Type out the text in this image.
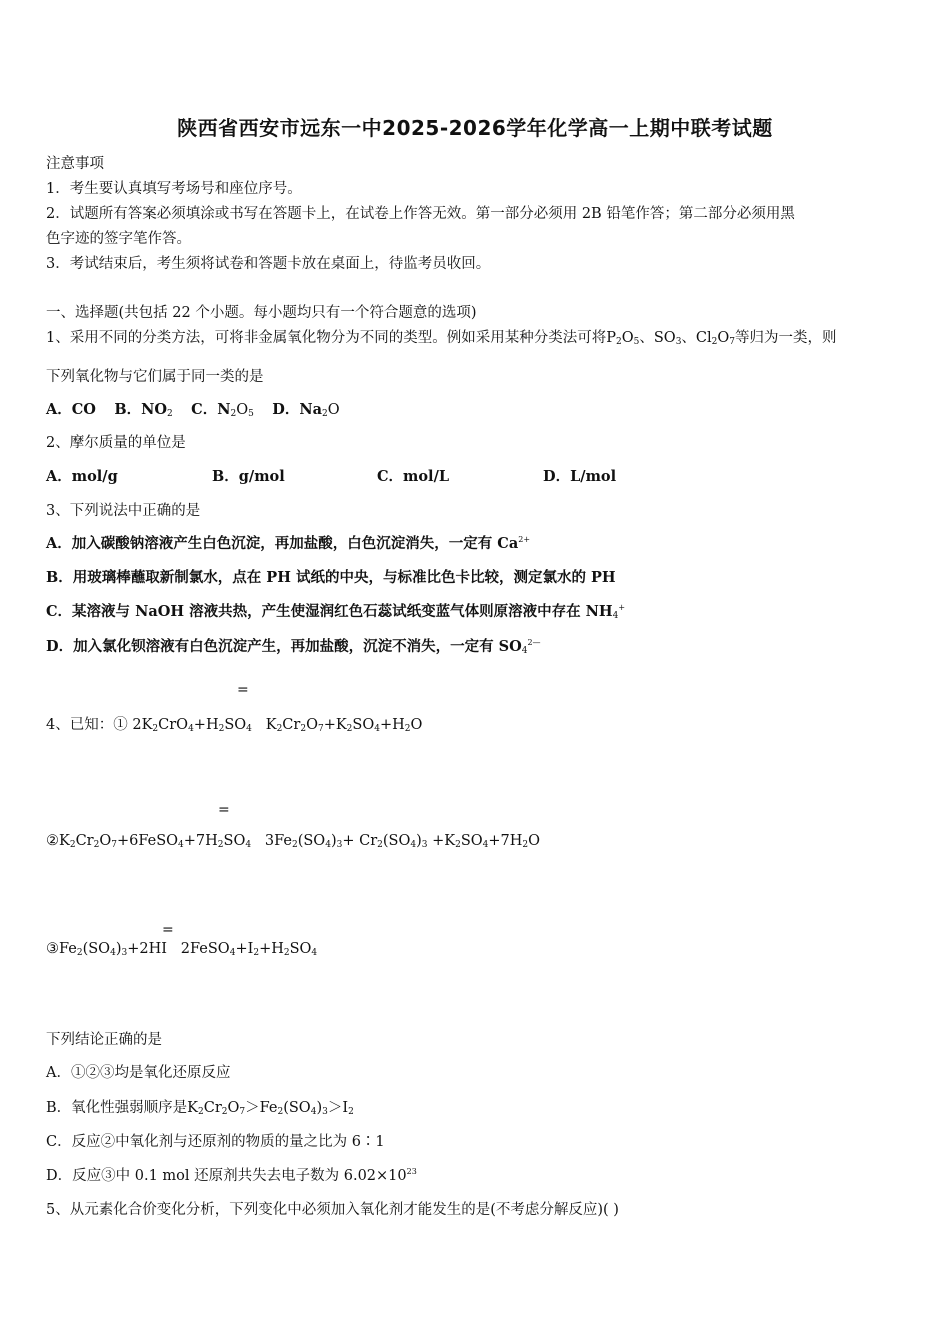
陕西省西安市远东一中2025-2026学年化学高一上期中联考试题
注意事项
1．考生要认真填写考场号和座位序号。
2．试题所有答案必须填涂或书写在答题卡上，在试卷上作答无效。第一部分必须用 2B 铅笔作答；第二部分必须用黑
色字迹的签字笔作答。
3．考试结束后，考生须将试卷和答题卡放在桌面上，待监考员收回。
一、选择题(共包括 22 个小题。每小题均只有一个符合题意的选项)
1、采用不同的分类方法，可将非金属氧化物分为不同的类型。例如采用某种分类法可将$P_2O_5$、$SO_3$、$Cl_2O_7$等归为一类，则
下列氧化物与它们属于同一类的是
A．CO B．$NO_2$ C．$N_2O_5$ D．$Na_2O$
2、摩尔质量的单位是
A．mol/g	B．g/mol	C．mol/L	D．L/mol
3、下列说法中正确的是
A．加入碳酸钠溶液产生白色沉淀，再加盐酸，白色沉淀消失，一定有 $Ca^{2+}$
B．用玻璃棒蘸取新制氯水，点在 PH 试纸的中央，与标准比色卡比较，测定氯水的 PH
C．某溶液与 NaOH 溶液共热，产生使湿润红色石蕊试纸变蓝气体则原溶液中存在 $NH_4^+$
D．加入氯化钡溶液有白色沉淀产生，再加盐酸，沉淀不消失，一定有 $SO_4^{2—}$
=
4、已知：① $2K_2CrO_4+H_2SO_4$   $K_2Cr_2O_7+K_2SO_4+H_2O$
=
$②K_2Cr_2O_7+6FeSO_4+7H_2SO_4$   $3Fe_2(SO_4)_3+ Cr_2(SO_4)_3 +K_2SO_4+7H_2O$
=
$③Fe_2(SO_4)_3+2HI$   $2FeSO_4+I_2+H_2SO_4$
下列结论正确的是
A．①②③均是氧化还原反应
B．氧化性强弱顺序是$K_2Cr_2O_7>Fe_2(SO_4)_3>I_2$
C．反应②中氧化剂与还原剂的物质的量之比为 6∶1
D．反应③中 0.1 mol 还原剂共失去电子数为 $6.02\times 10^{23}$
5、从元素化合价变化分析，下列变化中必须加入氧化剂才能发生的是(不考虑分解反应)( )
